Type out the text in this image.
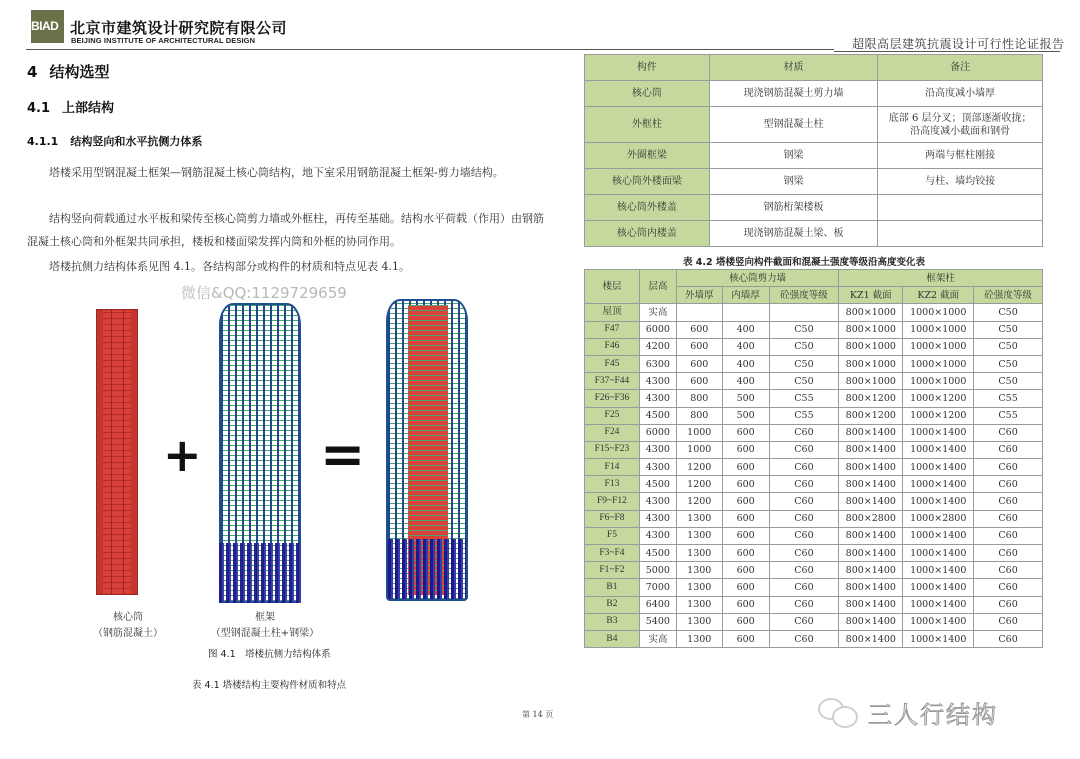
BIAD 北京市建筑设计研究院有限公司
BEIJING INSTITUTE OF ARCHITECTURAL DESIGN	超限高层建筑抗震设计可行性论证报告
4 结构选型
4.1 上部结构
4.1.1 结构竖向和水平抗侧力体系

塔楼采用型钢混凝土框架—钢筋混凝土核心筒结构，地下室采用钢筋混凝土框架-剪力墙结构。

结构竖向荷载通过水平板和梁传至核心筒剪力墙或外框柱，再传至基础。结构水平荷载（作用）由钢筋混凝土核心筒和外框架共同承担，楼板和楼面梁发挥内筒和外框的协同作用。

塔楼抗侧力结构体系见图 4.1。各结构部分或构件的材质和特点见表 4.1。

微信&QQ:1129729659
+ =
核心筒
（钢筋混凝土）
框架
（型钢混凝土柱+钢梁）
图 4.1　塔楼抗侧力结构体系
表 4.1 塔楼结构主要构件材质和特点
构件	材质	备注
核心筒	现浇钢筋混凝土剪力墙	沿高度减小墙厚
外框柱	型钢混凝土柱	底部 6 层分叉；顶部逐渐收拢；沿高度减小截面和钢骨
外圈框梁	钢梁	两端与框柱刚接
核心筒外楼面梁	钢梁	与柱、墙均铰接
核心筒外楼盖	钢筋桁架楼板	
核心筒内楼盖	现浇钢筋混凝土梁、板	
表 4.2 塔楼竖向构件截面和混凝土强度等级沿高度变化表
楼层	层高	核心筒剪力墙			框架柱		
		外墙厚	内墙厚	砼强度等级	KZ1 截面	KZ2 截面	砼强度等级
屋顶	实高				800×1000	1000×1000	C50
F47	6000	600	400	C50	800×1000	1000×1000	C50
F46	4200	600	400	C50	800×1000	1000×1000	C50
F45	6300	600	400	C50	800×1000	1000×1000	C50
F37~F44	4300	600	400	C50	800×1000	1000×1000	C50
F26~F36	4300	800	500	C55	800×1200	1000×1200	C55
F25	4500	800	500	C55	800×1200	1000×1200	C55
F24	6000	1000	600	C60	800×1400	1000×1400	C60
F15~F23	4300	1000	600	C60	800×1400	1000×1400	C60
F14	4300	1200	600	C60	800×1400	1000×1400	C60
F13	4500	1200	600	C60	800×1400	1000×1400	C60
F9~F12	4300	1200	600	C60	800×1400	1000×1400	C60
F6~F8	4300	1300	600	C60	800×2800	1000×2800	C60
F5	4300	1300	600	C60	800×1400	1000×1400	C60
F3~F4	4500	1300	600	C60	800×1400	1000×1400	C60
F1~F2	5000	1300	600	C60	800×1400	1000×1400	C60
B1	7000	1300	600	C60	800×1400	1000×1400	C60
B2	6400	1300	600	C60	800×1400	1000×1400	C60
B3	5400	1300	600	C60	800×1400	1000×1400	C60
B4	实高	1300	600	C60	800×1400	1000×1400	C60
第 14 页	三人行结构
